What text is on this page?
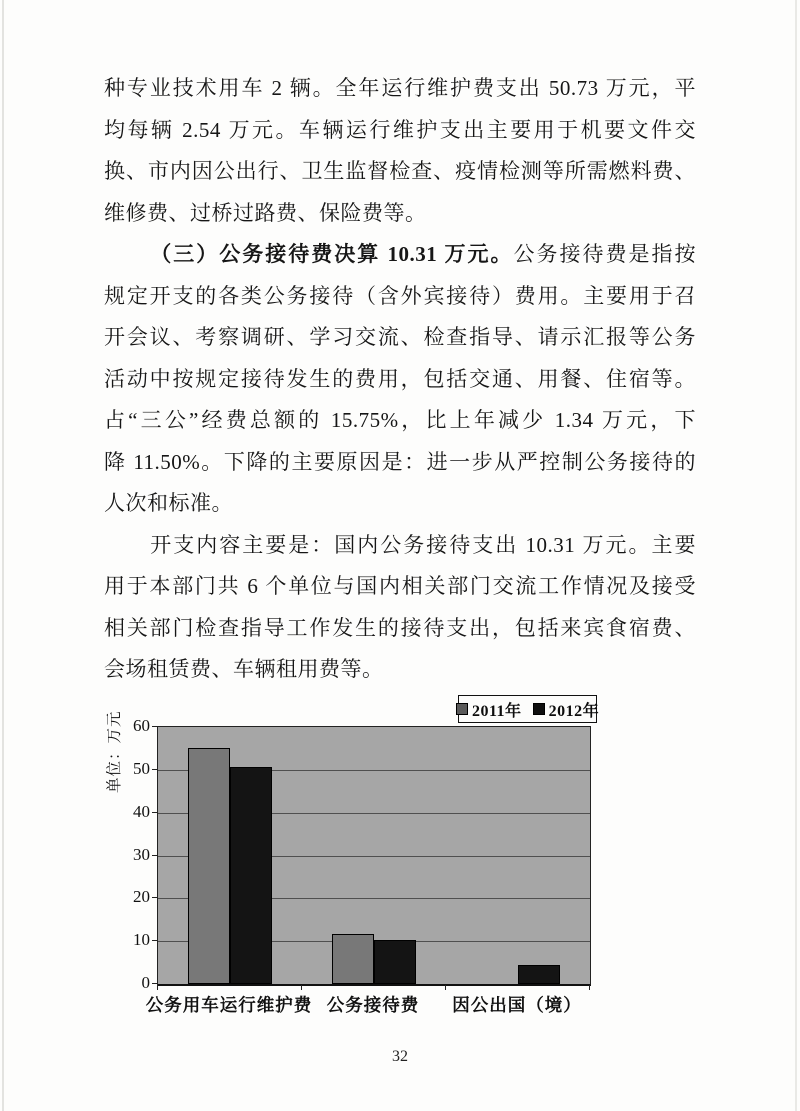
种专业技术用车 2 辆。全年运行维护费支出 50.73 万元，平
均每辆 2.54 万元。车辆运行维护支出主要用于机要文件交
换、市内因公出行、卫生监督检查、疫情检测等所需燃料费、
维修费、过桥过路费、保险费等。
（三）公务接待费决算 10.31 万元。公务接待费是指按
规定开支的各类公务接待（含外宾接待）费用。主要用于召
开会议、考察调研、学习交流、检查指导、请示汇报等公务
活动中按规定接待发生的费用，包括交通、用餐、住宿等。
占“三公”经费总额的 15.75%，比上年减少 1.34 万元，下
降 11.50%。下降的主要原因是：进一步从严控制公务接待的
人次和标准。
开支内容主要是：国内公务接待支出 10.31 万元。主要
用于本部门共 6 个单位与国内相关部门交流工作情况及接受
相关部门检查指导工作发生的接待支出，包括来宾食宿费、
会场租赁费、车辆租用费等。
单位：万元	2011年 2012年
0
10
20
30
40
50
60
公务用车运行维护费 公务接待费	因公出国（境）
32
